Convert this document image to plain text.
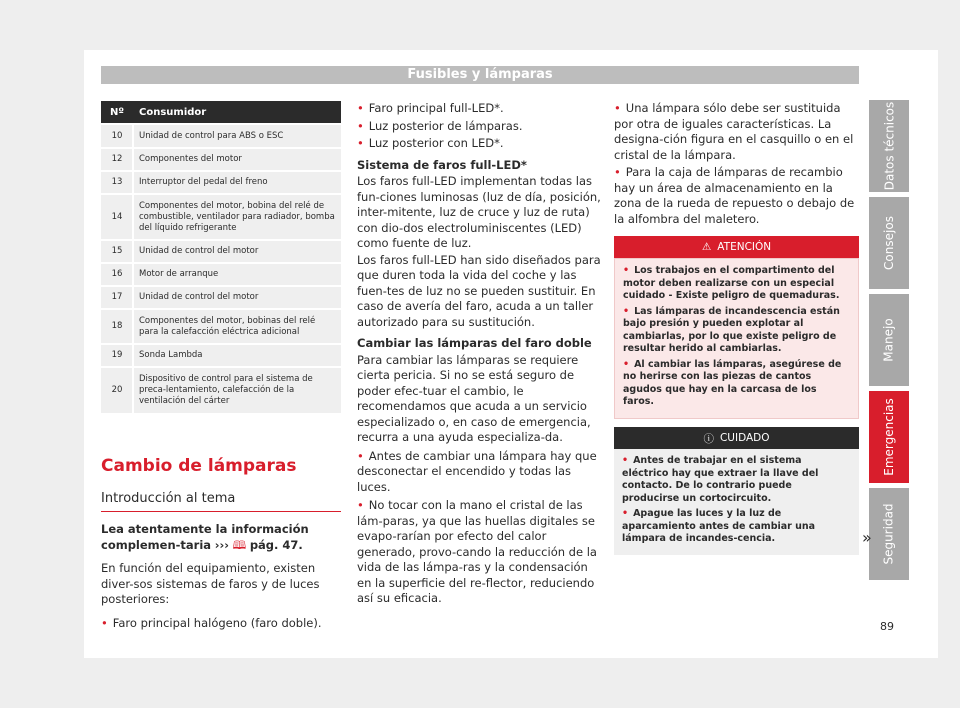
Fusibles y lámparas
Datos técnicos
Consejos
Manejo
Emergencias
Seguridad
Nº	Consumidor
10	Unidad de control para ABS o ESC
12	Componentes del motor
13	Interruptor del pedal del freno
14	Componentes del motor, bobina del relé de combustible, ventilador para radiador, bomba del líquido refrigerante
15	Unidad de control del motor
16	Motor de arranque
17	Unidad de control del motor
18	Componentes del motor, bobinas del relé para la calefacción eléctrica adicional
19	Sonda Lambda
20	Dispositivo de control para el sistema de preca-lentamiento, calefacción de la ventilación del cárter
Cambio de lámparas
Introducción al tema

Lea atentamente la información complemen-taria ››› 🕮 pág. 47.

En función del equipamiento, existen diver-sos sistemas de faros y de luces posteriores:

• Faro principal halógeno (faro doble).

• Faro principal full-LED*.

• Luz posterior de lámparas.

• Luz posterior con LED*.

Sistema de faros full-LED*

Los faros full-LED implementan todas las fun-ciones luminosas (luz de día, posición, inter-mitente, luz de cruce y luz de ruta) con dio-dos electroluminiscentes (LED) como fuente de luz.

Los faros full-LED han sido diseñados para que duren toda la vida del coche y las fuen-tes de luz no se pueden sustituir. En caso de avería del faro, acuda a un taller autorizado para su sustitución.

Cambiar las lámparas del faro doble

Para cambiar las lámparas se requiere cierta pericia. Si no se está seguro de poder efec-tuar el cambio, le recomendamos que acuda a un servicio especializado o, en caso de emergencia, recurra a una ayuda especializa-da.

• Antes de cambiar una lámpara hay que desconectar el encendido y todas las luces.

• No tocar con la mano el cristal de las lám-paras, ya que las huellas digitales se evapo-rarían por efecto del calor generado, provo-cando la reducción de la vida de las lámpa-ras y la condensación en la superficie del re-flector, reduciendo así su eficacia.

• Una lámpara sólo debe ser sustituida por otra de iguales características. La designa-ción figura en el casquillo o en el cristal de la lámpara.

• Para la caja de lámparas de recambio hay un área de almacenamiento en la zona de la rueda de repuesto o debajo de la alfombra del maletero.

⚠ ATENCIÓN

• Los trabajos en el compartimento del motor deben realizarse con un especial cuidado - Existe peligro de quemaduras.

• Las lámparas de incandescencia están bajo presión y pueden explotar al cambiarlas, por lo que existe peligro de resultar herido al cambiarlas.

• Al cambiar las lámparas, asegúrese de no herirse con las piezas de cantos agudos que hay en la carcasa de los faros.

ⓘ CUIDADO

• Antes de trabajar en el sistema eléctrico hay que extraer la llave del contacto. De lo contrario puede producirse un cortocircuito.

• Apague las luces y la luz de aparcamiento antes de cambiar una lámpara de incandes-cencia.	»
89
